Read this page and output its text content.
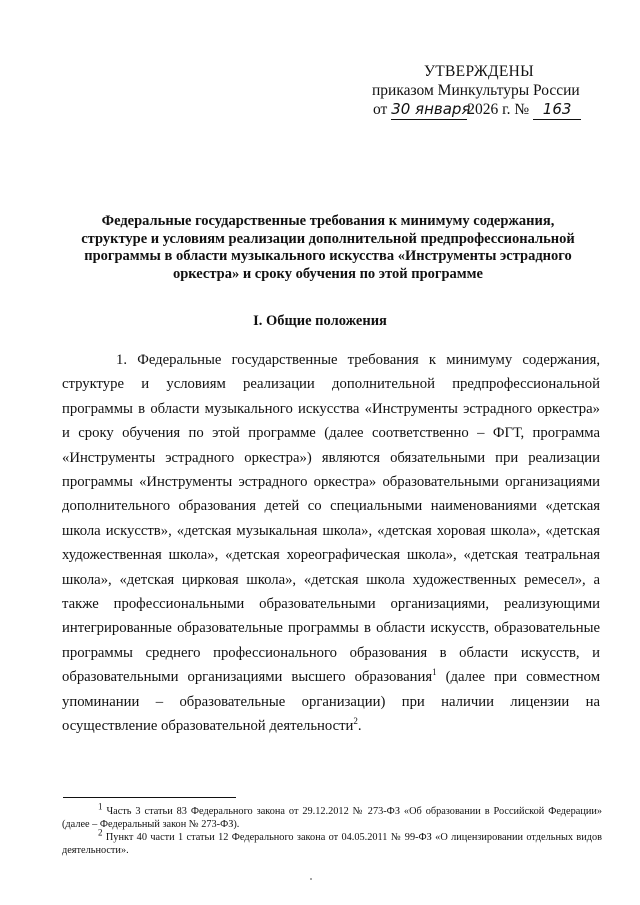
УТВЕРЖДЕНЫ
приказом Минкультуры России
от 30 января2026 г. № 163
Федеральные государственные требования к минимуму содержания, структуре и условиям реализации дополнительной предпрофессиональной программы в области музыкального искусства «Инструменты эстрадного оркестра» и сроку обучения по этой программе
I. Общие положения

1. Федеральные государственные требования к минимуму содержания, структуре и условиям реализации дополнительной предпрофессиональной программы в области музыкального искусства «Инструменты эстрадного оркестра» и сроку обучения по этой программе (далее соответственно – ФГТ, программа «Инструменты эстрадного оркестра») являются обязательными при реализации программы «Инструменты эстрадного оркестра» образовательными организациями дополнительного образования детей со специальными наименованиями «детская школа искусств», «детская музыкальная школа», «детская хоровая школа», «детская художественная школа», «детская хореографическая школа», «детская театральная школа», «детская цирковая школа», «детская школа художественных ремесел», а также профессиональными образовательными организациями, реализующими интегрированные образовательные программы в области искусств, образовательные программы среднего профессионального образования в области искусств, и образовательными организациями высшего образования$^1$ (далее при совместном упоминании – образовательные организации) при наличии лицензии на осуществление образовательной деятельности$^2$.

$^1$ Часть 3 статьи 83 Федерального закона от 29.12.2012 № 273-ФЗ «Об образовании в Российской Федерации» (далее – Федеральный закон № 273-ФЗ).

$^2$ Пункт 40 части 1 статьи 12 Федерального закона от 04.05.2011 № 99-ФЗ «О лицензировании отдельных видов деятельности».
